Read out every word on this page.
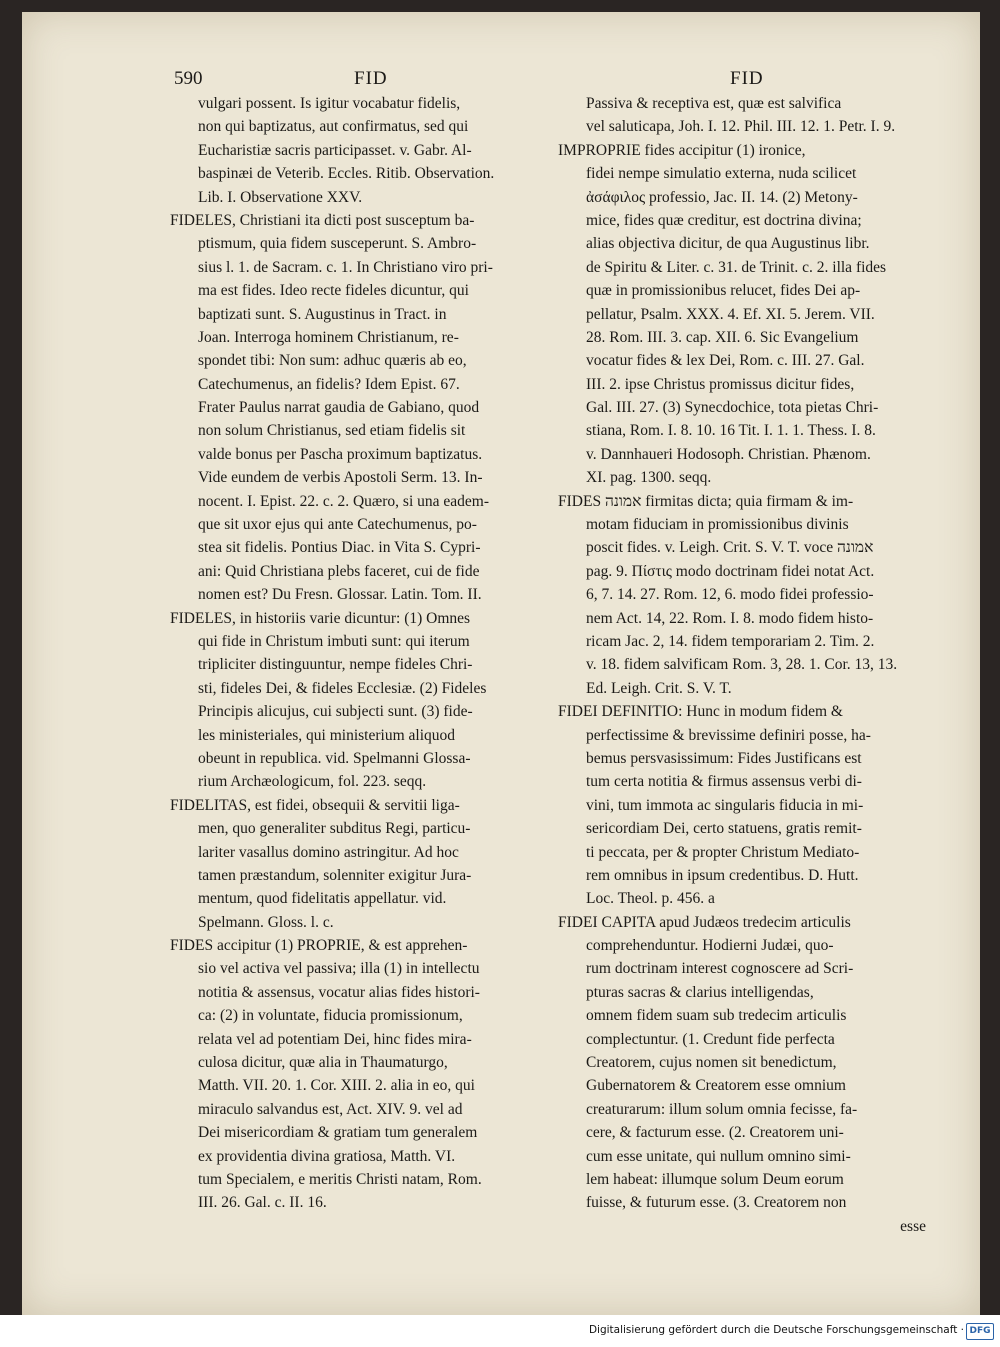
590	FID	FID
vulgari possent. Is igitur vocabatur fidelis,
non qui baptizatus, aut confirmatus, sed qui
Eucharistiæ sacris participasset. v. Gabr. Al-
baspinæi de Veterib. Eccles. Ritib. Observation.
Lib. I. Observatione XXV.
FIDELES, Christiani ita dicti post susceptum ba-
ptismum, quia fidem susceperunt. S. Ambro-
sius l. 1. de Sacram. c. 1. In Christiano viro pri-
ma est fides. Ideo recte fideles dicuntur, qui
baptizati sunt. S. Augustinus in Tract. in
Joan. Interroga hominem Christianum, re-
spondet tibi: Non sum: adhuc quæris ab eo,
Catechumenus, an fidelis? Idem Epist. 67.
Frater Paulus narrat gaudia de Gabiano, quod
non solum Christianus, sed etiam fidelis sit
valde bonus per Pascha proximum baptizatus.
Vide eundem de verbis Apostoli Serm. 13. In-
nocent. I. Epist. 22. c. 2. Quæro, si una eadem-
que sit uxor ejus qui ante Catechumenus, po-
stea sit fidelis. Pontius Diac. in Vita S. Cypri-
ani: Quid Christiana plebs faceret, cui de fide
nomen est? Du Fresn. Glossar. Latin. Tom. II.
FIDELES, in historiis varie dicuntur: (1) Omnes
qui fide in Christum imbuti sunt: qui iterum
tripliciter distinguuntur, nempe fideles Chri-
sti, fideles Dei, & fideles Ecclesiæ. (2) Fideles
Principis alicujus, cui subjecti sunt. (3) fide-
les ministeriales, qui ministerium aliquod
obeunt in republica. vid. Spelmanni Glossa-
rium Archæologicum, fol. 223. seqq.
FIDELITAS, est fidei, obsequii & servitii liga-
men, quo generaliter subditus Regi, particu-
lariter vasallus domino astringitur. Ad hoc
tamen præstandum, solenniter exigitur Jura-
mentum, quod fidelitatis appellatur. vid.
Spelmann. Gloss. l. c.
FIDES accipitur (1) PROPRIE, & est apprehen-
sio vel activa vel passiva; illa (1) in intellectu
notitia & assensus, vocatur alias fides histori-
ca: (2) in voluntate, fiducia promissionum,
relata vel ad potentiam Dei, hinc fides mira-
culosa dicitur, quæ alia in Thaumaturgo,
Matth. VII. 20. 1. Cor. XIII. 2. alia in eo, qui
miraculo salvandus est, Act. XIV. 9. vel ad
Dei misericordiam & gratiam tum generalem
ex providentia divina gratiosa, Matth. VI.
tum Specialem, e meritis Christi natam, Rom.
III. 26. Gal. c. II. 16.
Passiva & receptiva est, quæ est salvifica
vel saluticapa, Joh. I. 12. Phil. III. 12. 1. Petr. I. 9.
IMPROPRIE fides accipitur (1) ironice,
fidei nempe simulatio externa, nuda scilicet
ἀσάφιλος professio, Jac. II. 14. (2) Metony-
mice, fides quæ creditur, est doctrina divina;
alias objectiva dicitur, de qua Augustinus libr.
de Spiritu & Liter. c. 31. de Trinit. c. 2. illa fides
quæ in promissionibus relucet, fides Dei ap-
pellatur, Psalm. XXX. 4. Ef. XI. 5. Jerem. VII.
28. Rom. III. 3. cap. XII. 6. Sic Evangelium
vocatur fides & lex Dei, Rom. c. III. 27. Gal.
III. 2. ipse Christus promissus dicitur fides,
Gal. III. 27. (3) Synecdochice, tota pietas Chri-
stiana, Rom. I. 8. 10. 16 Tit. I. 1. 1. Thess. I. 8.
v. Dannhaueri Hodosoph. Christian. Phænom.
XI. pag. 1300. seqq.
FIDES אמונה firmitas dicta; quia firmam & im-
motam fiduciam in promissionibus divinis
poscit fides. v. Leigh. Crit. S. V. T. voce אמונה
pag. 9. Πίστις modo doctrinam fidei notat Act.
6, 7. 14. 27. Rom. 12, 6. modo fidei professio-
nem Act. 14, 22. Rom. I. 8. modo fidem histo-
ricam Jac. 2, 14. fidem temporariam 2. Tim. 2.
v. 18. fidem salvificam Rom. 3, 28. 1. Cor. 13, 13.
Ed. Leigh. Crit. S. V. T.
FIDEI DEFINITIO: Hunc in modum fidem &
perfectissime & brevissime definiri posse, ha-
bemus persvasissimum: Fides Justificans est
tum certa notitia & firmus assensus verbi di-
vini, tum immota ac singularis fiducia in mi-
sericordiam Dei, certo statuens, gratis remit-
ti peccata, per & propter Christum Mediato-
rem omnibus in ipsum credentibus. D. Hutt.
Loc. Theol. p. 456. a
FIDEI CAPITA apud Judæos tredecim articulis
comprehenduntur. Hodierni Judæi, quo-
rum doctrinam interest cognoscere ad Scri-
pturas sacras & clarius intelligendas,
omnem fidem suam sub tredecim articulis
complectuntur. (1. Credunt fide perfecta
Creatorem, cujus nomen sit benedictum,
Gubernatorem & Creatorem esse omnium
creaturarum: illum solum omnia fecisse, fa-
cere, & facturum esse. (2. Creatorem uni-
cum esse unitate, qui nullum omnino simi-
lem habeat: illumque solum Deum eorum
fuisse, & futurum esse. (3. Creatorem non
esse
Digitalisierung gefördert durch die Deutsche Forschungsgemeinschaft · DFG
